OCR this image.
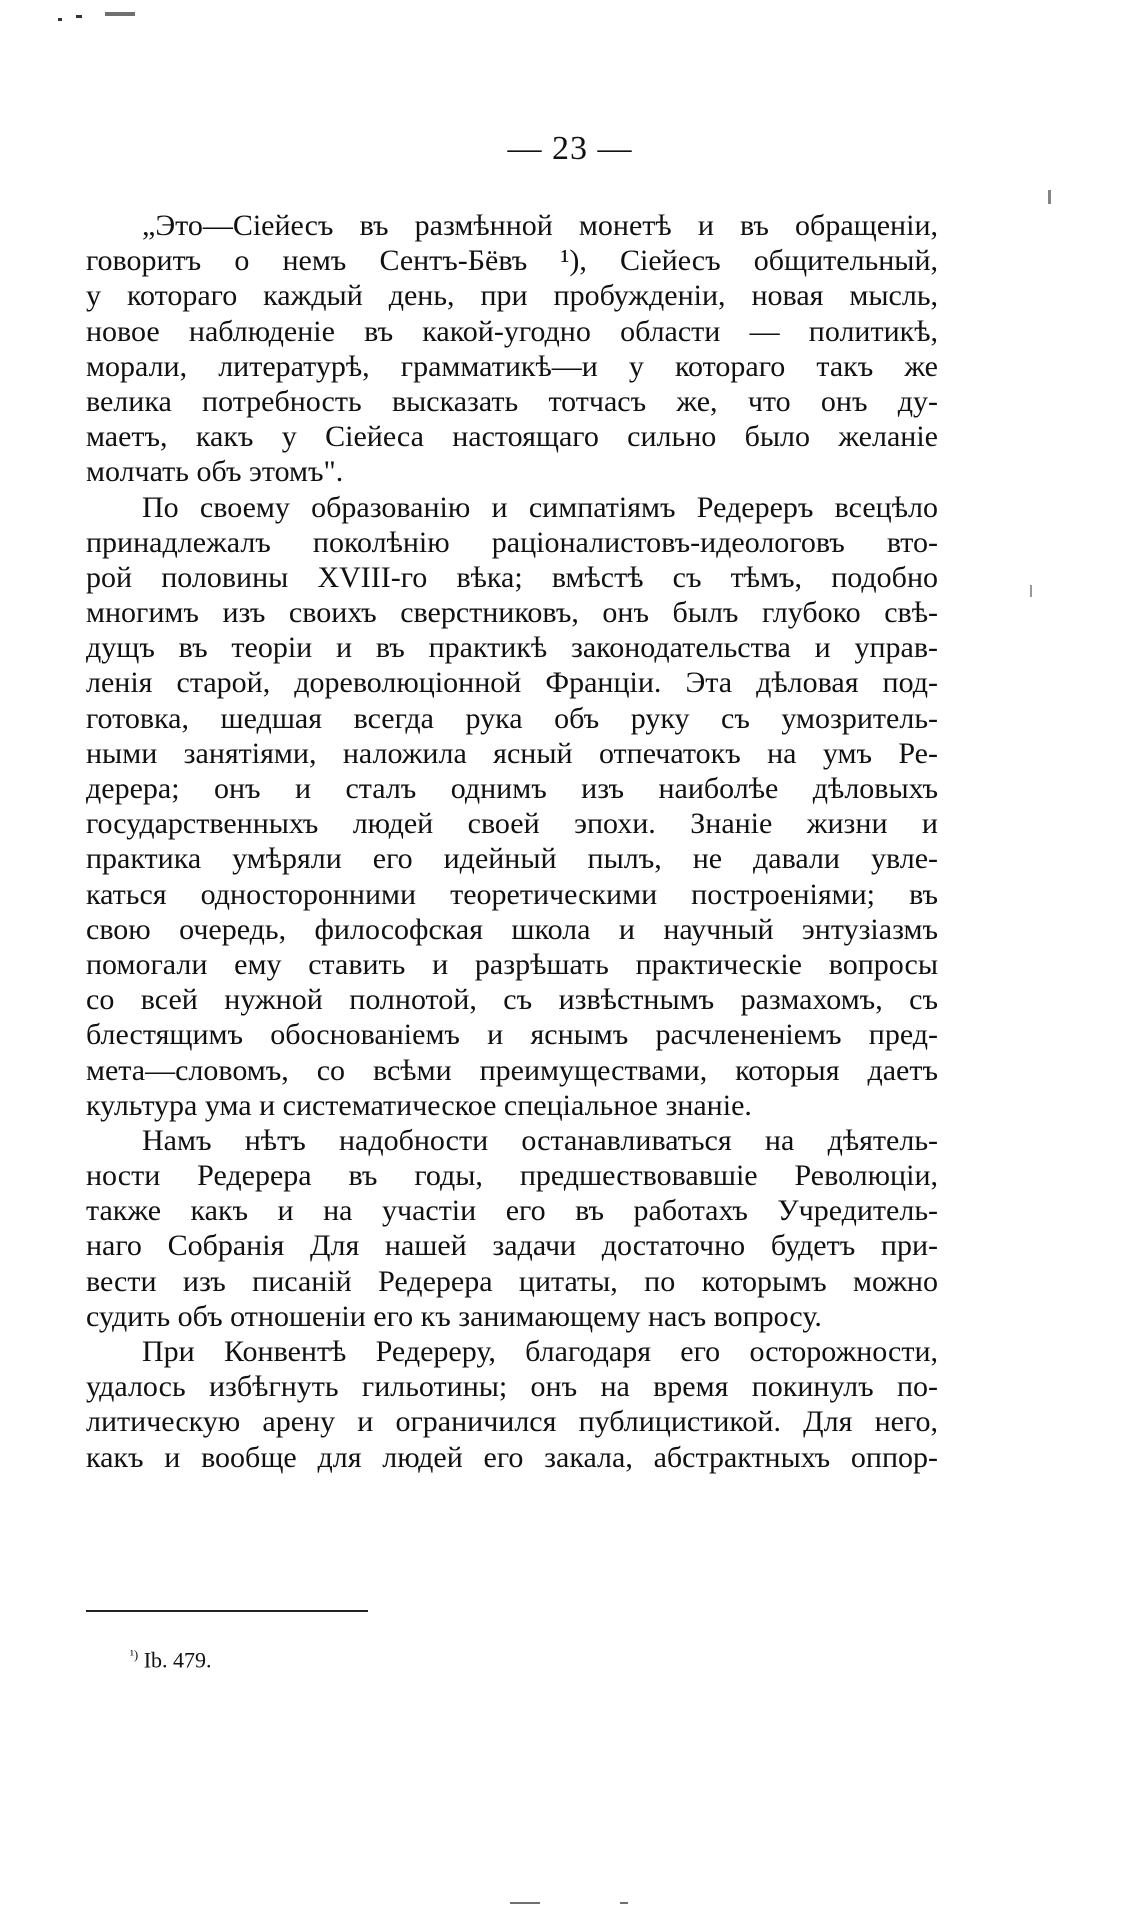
— 23 —
„Это—Сіейесъ въ размѣнной монетѣ и въ обращеніи,
говоритъ о немъ Сентъ-Бёвъ ¹), Сіейесъ общительный,
у котораго каждый день, при пробужденіи, новая мысль,
новое наблюденіе въ какой-угодно области — политикѣ,
морали, литературѣ, грамматикѣ—и у котораго такъ же
велика потребность высказать тотчасъ же, что онъ ду-
маетъ, какъ у Сіейеса настоящаго сильно было желаніе
молчать объ этомъ".
По своему образованію и симпатіямъ Редереръ всецѣло
принадлежалъ поколѣнію раціоналистовъ-идеологовъ вто-
рой половины XVIII-го вѣка; вмѣстѣ съ тѣмъ, подобно
многимъ изъ своихъ сверстниковъ, онъ былъ глубоко свѣ-
дущъ въ теоріи и въ практикѣ законодательства и управ-
ленія старой, дореволюціонной Франціи. Эта дѣловая под-
готовка, шедшая всегда рука объ руку съ умозритель-
ными занятіями, наложила ясный отпечатокъ на умъ Ре-
дерера; онъ и сталъ однимъ изъ наиболѣе дѣловыхъ
государственныхъ людей своей эпохи. Знаніе жизни и
практика умѣряли его идейный пылъ, не давали увле-
каться односторонними теоретическими построеніями; въ
свою очередь, философская школа и научный энтузіазмъ
помогали ему ставить и разрѣшать практическіе вопросы
со всей нужной полнотой, съ извѣстнымъ размахомъ, съ
блестящимъ обоснованіемъ и яснымъ расчлененіемъ пред-
мета—словомъ, со всѣми преимуществами, которыя даетъ
культура ума и систематическое спеціальное знаніе.
Намъ нѣтъ надобности останавливаться на дѣятель-
ности Редерера въ годы, предшествовавшіе Революціи,
также какъ и на участіи его въ работахъ Учредитель-
наго Собранія Для нашей задачи достаточно будетъ при-
вести изъ писаній Редерера цитаты, по которымъ можно
судить объ отношеніи его къ занимающему насъ вопросу.
При Конвентѣ Редереру, благодаря его осторожности,
удалось избѣгнуть гильотины; онъ на время покинулъ по-
литическую арену и ограничился публицистикой. Для него,
какъ и вообще для людей его закала, абстрактныхъ оппор-
$^{^1)}$ Ib. 479.
